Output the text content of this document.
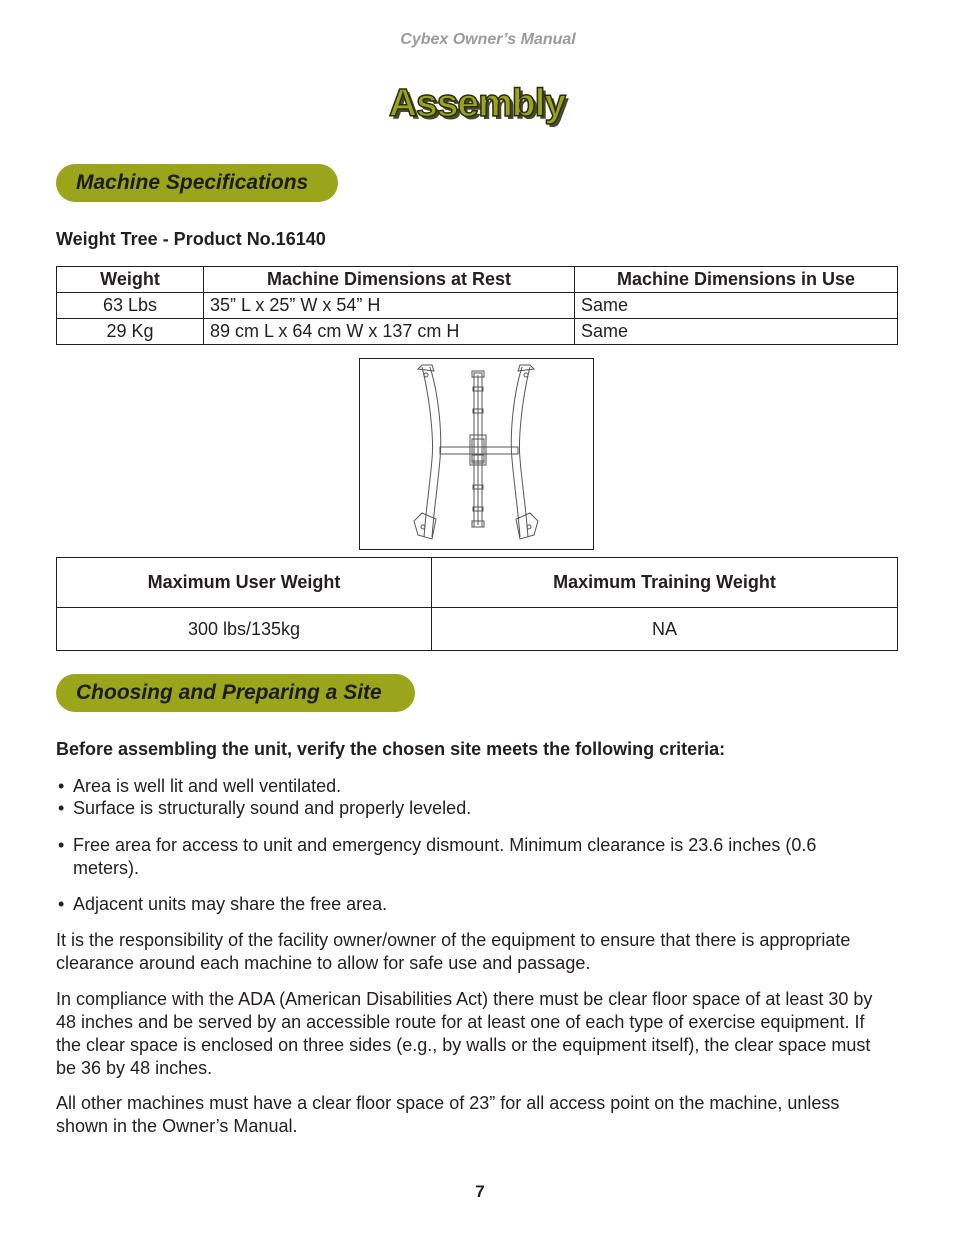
Cybex Owner’s Manual
Assembly
Machine Specifications
Weight Tree - Product No.16140
Weight	Machine Dimensions at Rest	Machine Dimensions in Use
63 Lbs	35” L x 25” W x 54” H	Same
29 Kg	89 cm L x 64 cm W x 137 cm H	Same
Maximum User Weight	Maximum Training Weight
300 lbs/135kg	NA
Choosing and Preparing a Site
Before assembling the unit, verify the chosen site meets the following criteria:
• Area is well lit and well ventilated.
• Surface is structurally sound and properly leveled.
• Free area for access to unit and emergency dismount. Minimum clearance is 23.6 inches (0.6 meters).
• Adjacent units may share the free area.
It is the responsibility of the facility owner/owner of the equipment to ensure that there is appropriate clearance around each machine to allow for safe use and passage.
In compliance with the ADA (American Disabilities Act) there must be clear floor space of at least 30 by 48 inches and be served by an accessible route for at least one of each type of exercise equipment. If the clear space is enclosed on three sides (e.g., by walls or the equipment itself), the clear space must be 36 by 48 inches.
All other machines must have a clear floor space of 23” for all access point on the machine, unless shown in the Owner’s Manual.
7
